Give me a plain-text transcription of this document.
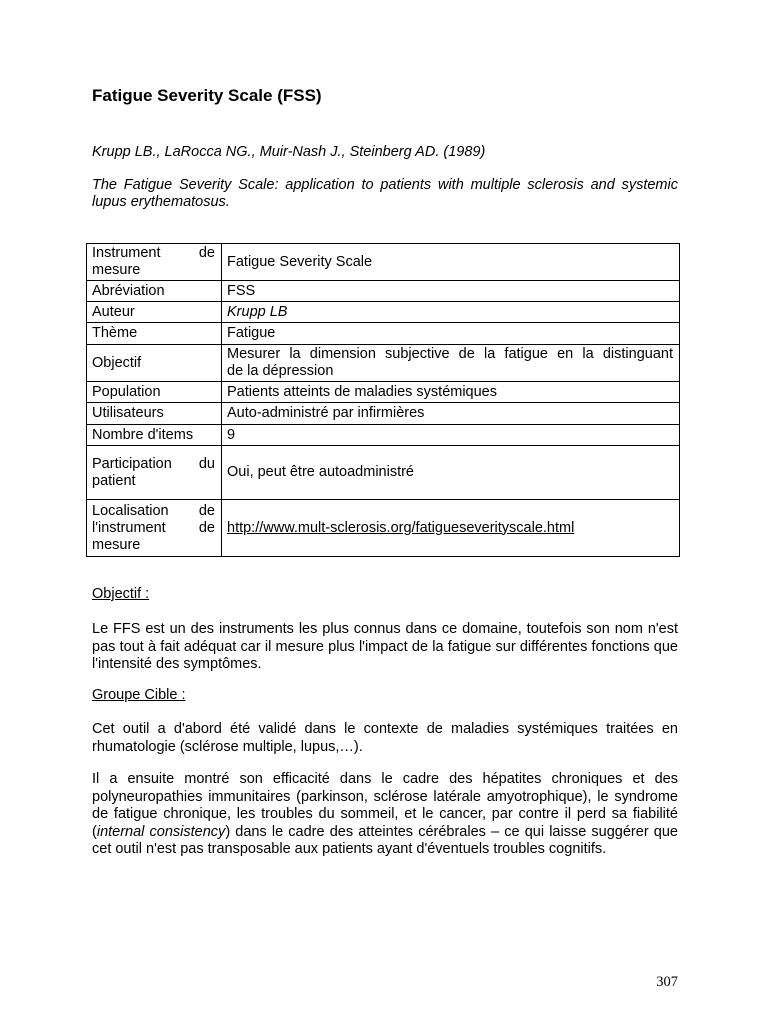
Fatigue Severity Scale (FSS)

Krupp LB., LaRocca NG., Muir-Nash J., Steinberg AD. (1989)

The Fatigue Severity Scale: application to patients with multiple sclerosis and systemic lupus erythematosus.

Instrument de mesure	Fatigue Severity Scale
Abréviation	FSS
Auteur	Krupp LB
Thème	Fatigue
Objectif	Mesurer la dimension subjective de la fatigue en la distinguant
de la dépression

Population	Patients atteints de maladies systémiques
Utilisateurs	Auto-administré par infirmières
Nombre d'items	9
Participation du patient	Oui, peut être autoadministré
Localisation de l'instrument de mesure	http://www.mult-sclerosis.org/fatigueseverityscale.html

Objectif :

Le FFS est un des instruments les plus connus dans ce domaine, toutefois son nom n'est pas tout à fait adéquat car il mesure plus l'impact de la fatigue sur différentes fonctions que l'intensité des symptômes.

Groupe Cible :

Cet outil a d'abord été validé dans le contexte de maladies systémiques traitées en rhumatologie (sclérose multiple, lupus,…).

Il a ensuite montré son efficacité dans le cadre des hépatites chroniques et des polyneuropathies immunitaires (parkinson, sclérose latérale amyotrophique), le syndrome de fatigue chronique, les troubles du sommeil, et le cancer, par contre il perd sa fiabilité (internal consistency) dans le cadre des atteintes cérébrales – ce qui laisse suggérer que cet outil n'est pas transposable aux patients ayant d'éventuels troubles cognitifs.

307
